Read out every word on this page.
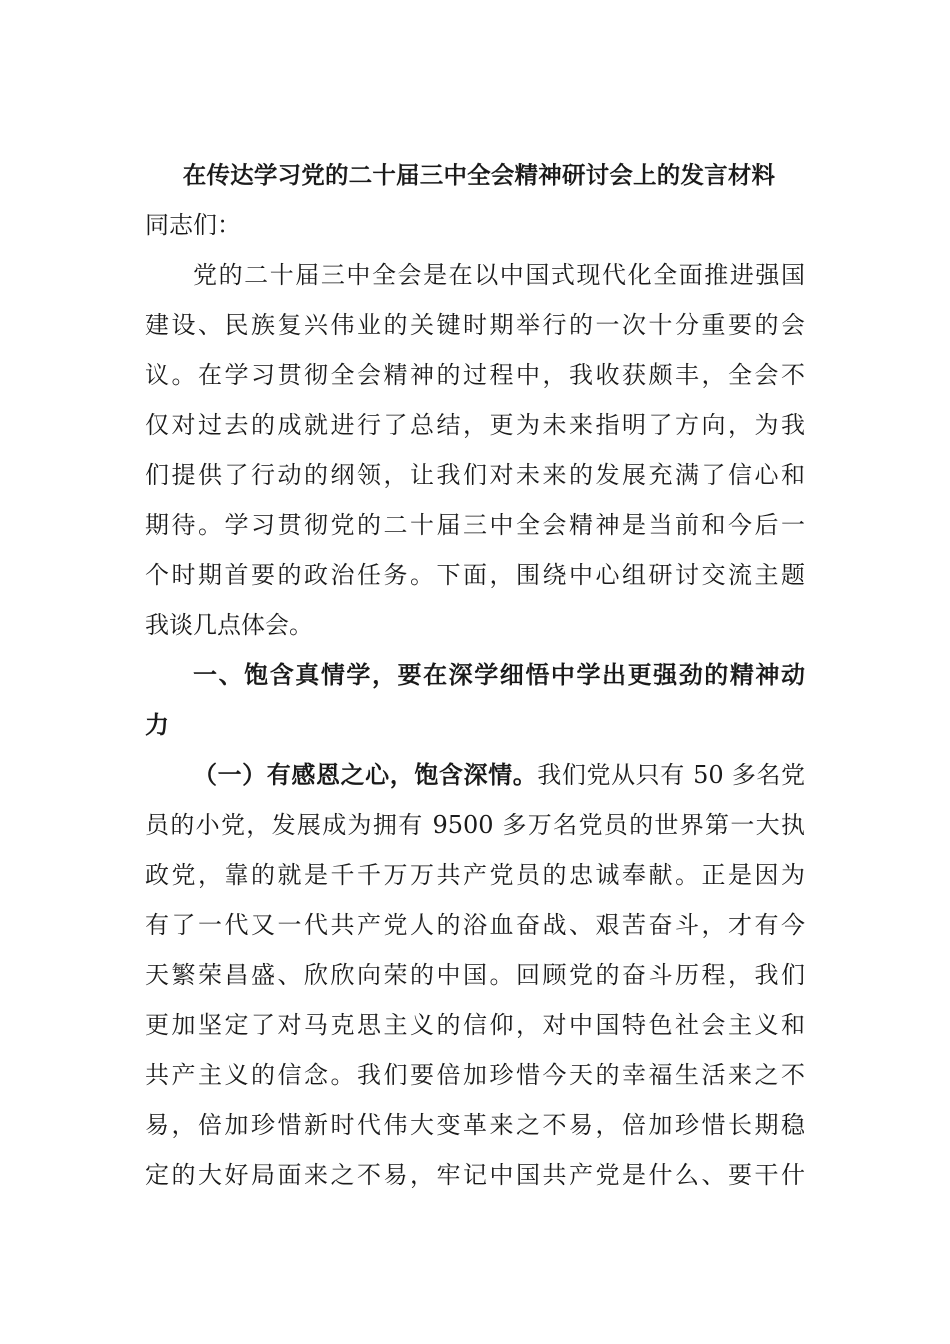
在传达学习党的二十届三中全会精神研讨会上的发言材料
同志们：
党的二十届三中全会是在以中国式现代化全面推进强国
建设、民族复兴伟业的关键时期举行的一次十分重要的会
议。在学习贯彻全会精神的过程中，我收获颇丰，全会不
仅对过去的成就进行了总结，更为未来指明了方向，为我
们提供了行动的纲领，让我们对未来的发展充满了信心和
期待。学习贯彻党的二十届三中全会精神是当前和今后一
个时期首要的政治任务。下面，围绕中心组研讨交流主题
我谈几点体会。
一、饱含真情学，要在深学细悟中学出更强劲的精神动
力
（一）有感恩之心，饱含深情。我们党从只有 50 多名党
员的小党，发展成为拥有 9500 多万名党员的世界第一大执
政党，靠的就是千千万万共产党员的忠诚奉献。正是因为
有了一代又一代共产党人的浴血奋战、艰苦奋斗，才有今
天繁荣昌盛、欣欣向荣的中国。回顾党的奋斗历程，我们
更加坚定了对马克思主义的信仰，对中国特色社会主义和
共产主义的信念。我们要倍加珍惜今天的幸福生活来之不
易，倍加珍惜新时代伟大变革来之不易，倍加珍惜长期稳
定的大好局面来之不易，牢记中国共产党是什么、要干什
